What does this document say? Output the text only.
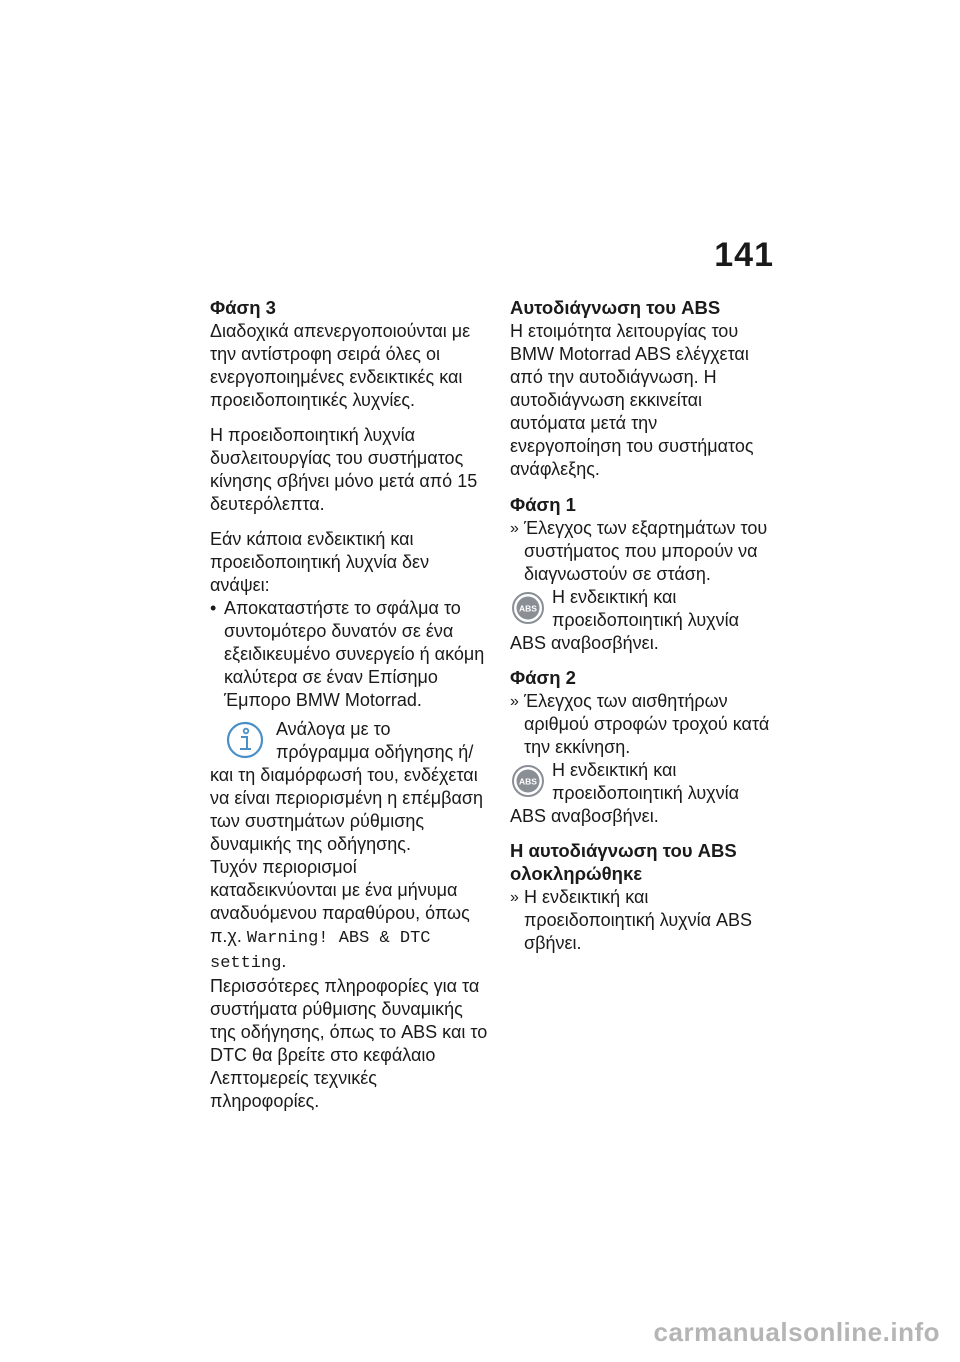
141
Φάση 3

Διαδοχικά απενεργοποιούνται με την αντίστροφη σειρά όλες οι ενεργοποιημένες ενδεικτικές και προειδοποιητικές λυχνίες.

Η προειδοποιητική λυχνία δυσλειτουργίας του συστήματος κίνησης σβήνει μόνο μετά από 15 δευτερόλεπτα.

Εάν κάποια ενδεικτική και προειδοποιητική λυχνία δεν ανάψει:

• Αποκαταστήστε το σφάλμα το συντομότερο δυνατόν σε ένα εξειδικευμένο συνεργείο ή ακόμη καλύτερα σε έναν Επίσημο Έμπορο BMW Motorrad.
Ανάλογα με το πρόγραμμα οδήγησης ή/και τη διαμόρφωσή του, ενδέχεται να είναι περιορισμένη η επέμβαση των συστημάτων ρύθμισης δυναμικής της οδήγησης.
Τυχόν περιορισμοί καταδεικνύονται με ένα μήνυμα αναδυόμενου παραθύρου, όπως π.χ. Warning! ABS & DTC setting.
Περισσότερες πληροφορίες για τα συστήματα ρύθμισης δυναμικής της οδήγησης, όπως το ABS και το DTC θα βρείτε στο κεφάλαιο Λεπτομερείς τεχνικές πληροφορίες.
Αυτοδιάγνωση του ABS

Η ετοιμότητα λειτουργίας του BMW Motorrad ABS ελέγχεται από την αυτοδιάγνωση. Η αυτοδιάγνωση εκκινείται αυτόματα μετά την ενεργοποίηση του συστήματος ανάφλεξης.

Φάση 1
» Έλεγχος των εξαρτημάτων του συστήματος που μπορούν να διαγνωστούν σε στάση.
ABS
Η ενδεικτική και προειδοποιητική λυχνία ABS αναβοσβήνει.
Φάση 2
» Έλεγχος των αισθητήρων αριθμού στροφών τροχού κατά την εκκίνηση.
ABS
Η ενδεικτική και προειδοποιητική λυχνία ABS αναβοσβήνει.
Η αυτοδιάγνωση του ABS ολοκληρώθηκε
» Η ενδεικτική και προειδοποιητική λυχνία ABS σβήνει.
carmanualsonline.info
